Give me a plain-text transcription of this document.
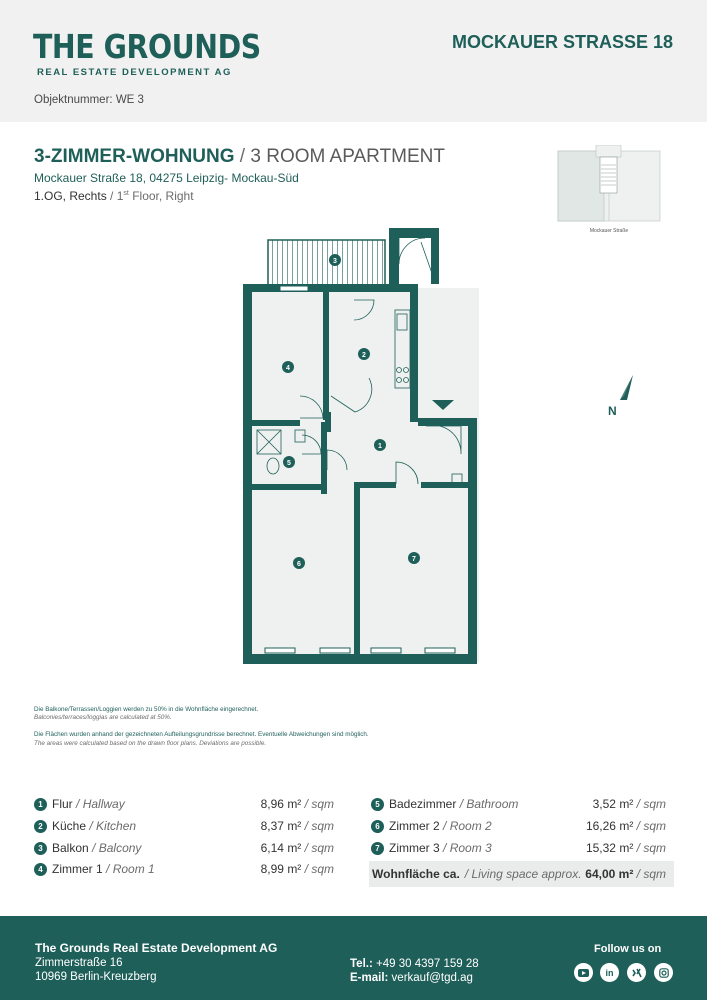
THE GROUNDS
REAL ESTATE DEVELOPMENT AG
MOCKAUER STRASSE 18
Objektnummer: WE 3
3-ZIMMER-WOHNUNG / 3 ROOM APARTMENT
Mockauer Straße 18, 04275 Leipzig- Mockau-Süd
1.OG, Rechts / 1st Floor, Right
Mockauer Straße
3
2
4
1
5
6
7
N
Die Balkone/Terrassen/Loggien werden zu 50% in die Wohnfläche eingerechnet.
Balconies/terraces/loggias are calculated at 50%.
Die Flächen wurden anhand der gezeichneten Aufteilungsgrundrisse berechnet. Eventuelle Abweichungen sind möglich.
The areas were calculated based on the drawn floor plans. Deviations are possible.
1 Flur / Hallway	8,96 m² / sqm
2 Küche / Kitchen	8,37 m² / sqm
3 Balkon / Balcony	6,14 m² / sqm
4 Zimmer 1 / Room 1	8,99 m² / sqm
5 Badezimmer / Bathroom	3,52 m² / sqm
6 Zimmer 2 / Room 2	16,26 m² / sqm
7 Zimmer 3 / Room 3	15,32 m² / sqm
Wohnfläche ca. / Living space approx. 64,00 m² / sqm
The Grounds Real Estate Development AG
Zimmerstraße 16
10969 Berlin-Kreuzberg
Tel.: +49 30 4397 159 28
E-mail: verkauf@tgd.ag
Follow us on
in
